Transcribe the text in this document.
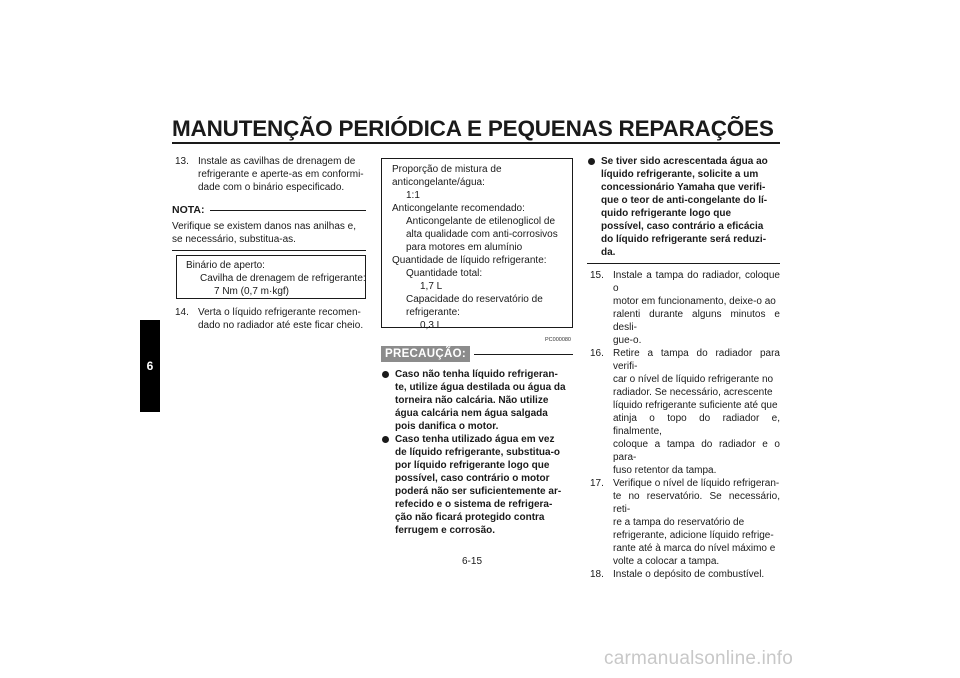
MANUTENÇÃO PERIÓDICA E PEQUENAS REPARAÇÕES
6
13. Instale as cavilhas de drenagem de
refrigerante e aperte-as em conformi-
dade com o binário especificado.
NOTA:
Verifique se existem danos nas anilhas e,
se necessário, substitua-as.
Binário de aperto:
Cavilha de drenagem de refrigerante:
7 Nm (0,7 m·kgf)
14. Verta o líquido refrigerante recomen-
dado no radiador até este ficar cheio.
Proporção de mistura de
anticongelante/água:
1:1
Anticongelante recomendado:
Anticongelante de etilenoglicol de
alta qualidade com anti-corrosivos
para motores em alumínio
Quantidade de líquido refrigerante:
Quantidade total:
1,7 L
Capacidade do reservatório de
refrigerante:
0,3 L
PC000080
PRECAUÇÃO:
Caso não tenha líquido refrigeran-
te, utilize água destilada ou água da
torneira não calcária. Não utilize
água calcária nem água salgada
pois danifica o motor.
Caso tenha utilizado água em vez
de líquido refrigerante, substitua-o
por líquido refrigerante logo que
possível, caso contrário o motor
poderá não ser suficientemente ar-
refecido e o sistema de refrigera-
ção não ficará protegido contra
ferrugem e corrosão.
Se tiver sido acrescentada água ao
líquido refrigerante, solicite a um
concessionário Yamaha que verifi-
que o teor de anti-congelante do lí-
quido refrigerante logo que
possível, caso contrário a eficácia
do líquido refrigerante será reduzi-
da.
15. Instale a tampa do radiador, coloque o
motor em funcionamento, deixe-o ao
ralenti durante alguns minutos e desli-
gue-o.
16. Retire a tampa do radiador para verifi-
car o nível de líquido refrigerante no
radiador. Se necessário, acrescente
líquido refrigerante suficiente até que
atinja o topo do radiador e, finalmente,
coloque a tampa do radiador e o para-
fuso retentor da tampa.
17. Verifique o nível de líquido refrigeran-
te no reservatório. Se necessário, reti-
re a tampa do reservatório de
refrigerante, adicione líquido refrige-
rante até à marca do nível máximo e
volte a colocar a tampa.
18. Instale o depósito de combustível.
6-15
carmanualsonline.info
